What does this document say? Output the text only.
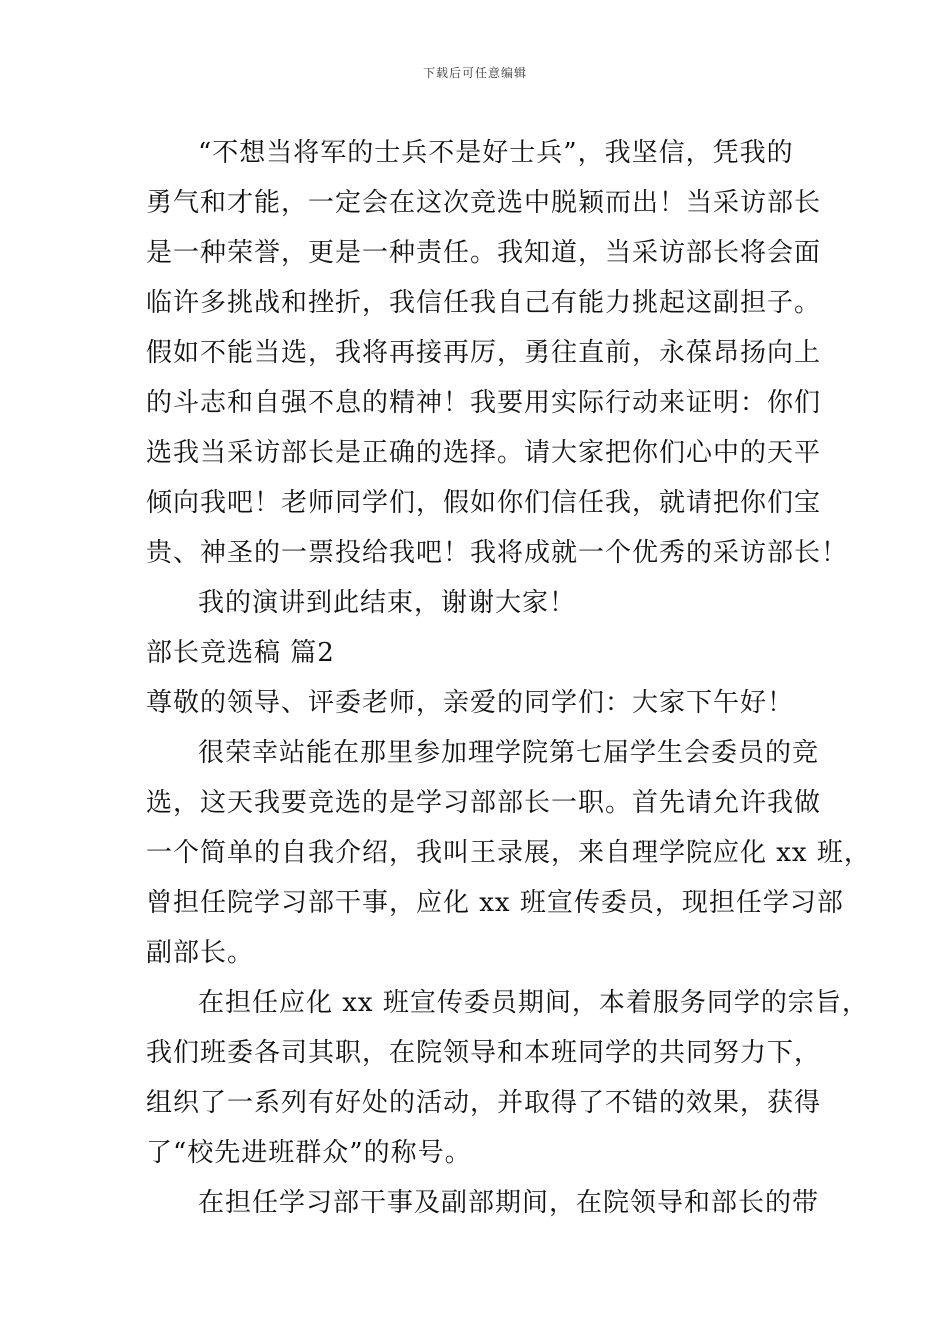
下载后可任意编辑
“不想当将军的士兵不是好士兵”，我坚信，凭我的
勇气和才能，一定会在这次竞选中脱颖而出！当采访部长
是一种荣誉，更是一种责任。我知道，当采访部长将会面
临许多挑战和挫折，我信任我自己有能力挑起这副担子。
假如不能当选，我将再接再厉，勇往直前，永葆昂扬向上
的斗志和自强不息的精神！我要用实际行动来证明：你们
选我当采访部长是正确的选择。请大家把你们心中的天平
倾向我吧！老师同学们，假如你们信任我，就请把你们宝
贵、神圣的一票投给我吧！我将成就一个优秀的采访部长！
我的演讲到此结束，谢谢大家！
部长竞选稿 篇2
尊敬的领导、评委老师，亲爱的同学们：大家下午好！
很荣幸站能在那里参加理学院第七届学生会委员的竞
选，这天我要竞选的是学习部部长一职。首先请允许我做
一个简单的自我介绍，我叫王录展，来自理学院应化 xx 班，
曾担任院学习部干事，应化 xx 班宣传委员，现担任学习部
副部长。
在担任应化 xx 班宣传委员期间，本着服务同学的宗旨，
我们班委各司其职，在院领导和本班同学的共同努力下，
组织了一系列有好处的活动，并取得了不错的效果，获得
了“校先进班群众”的称号。
在担任学习部干事及副部期间，在院领导和部长的带
